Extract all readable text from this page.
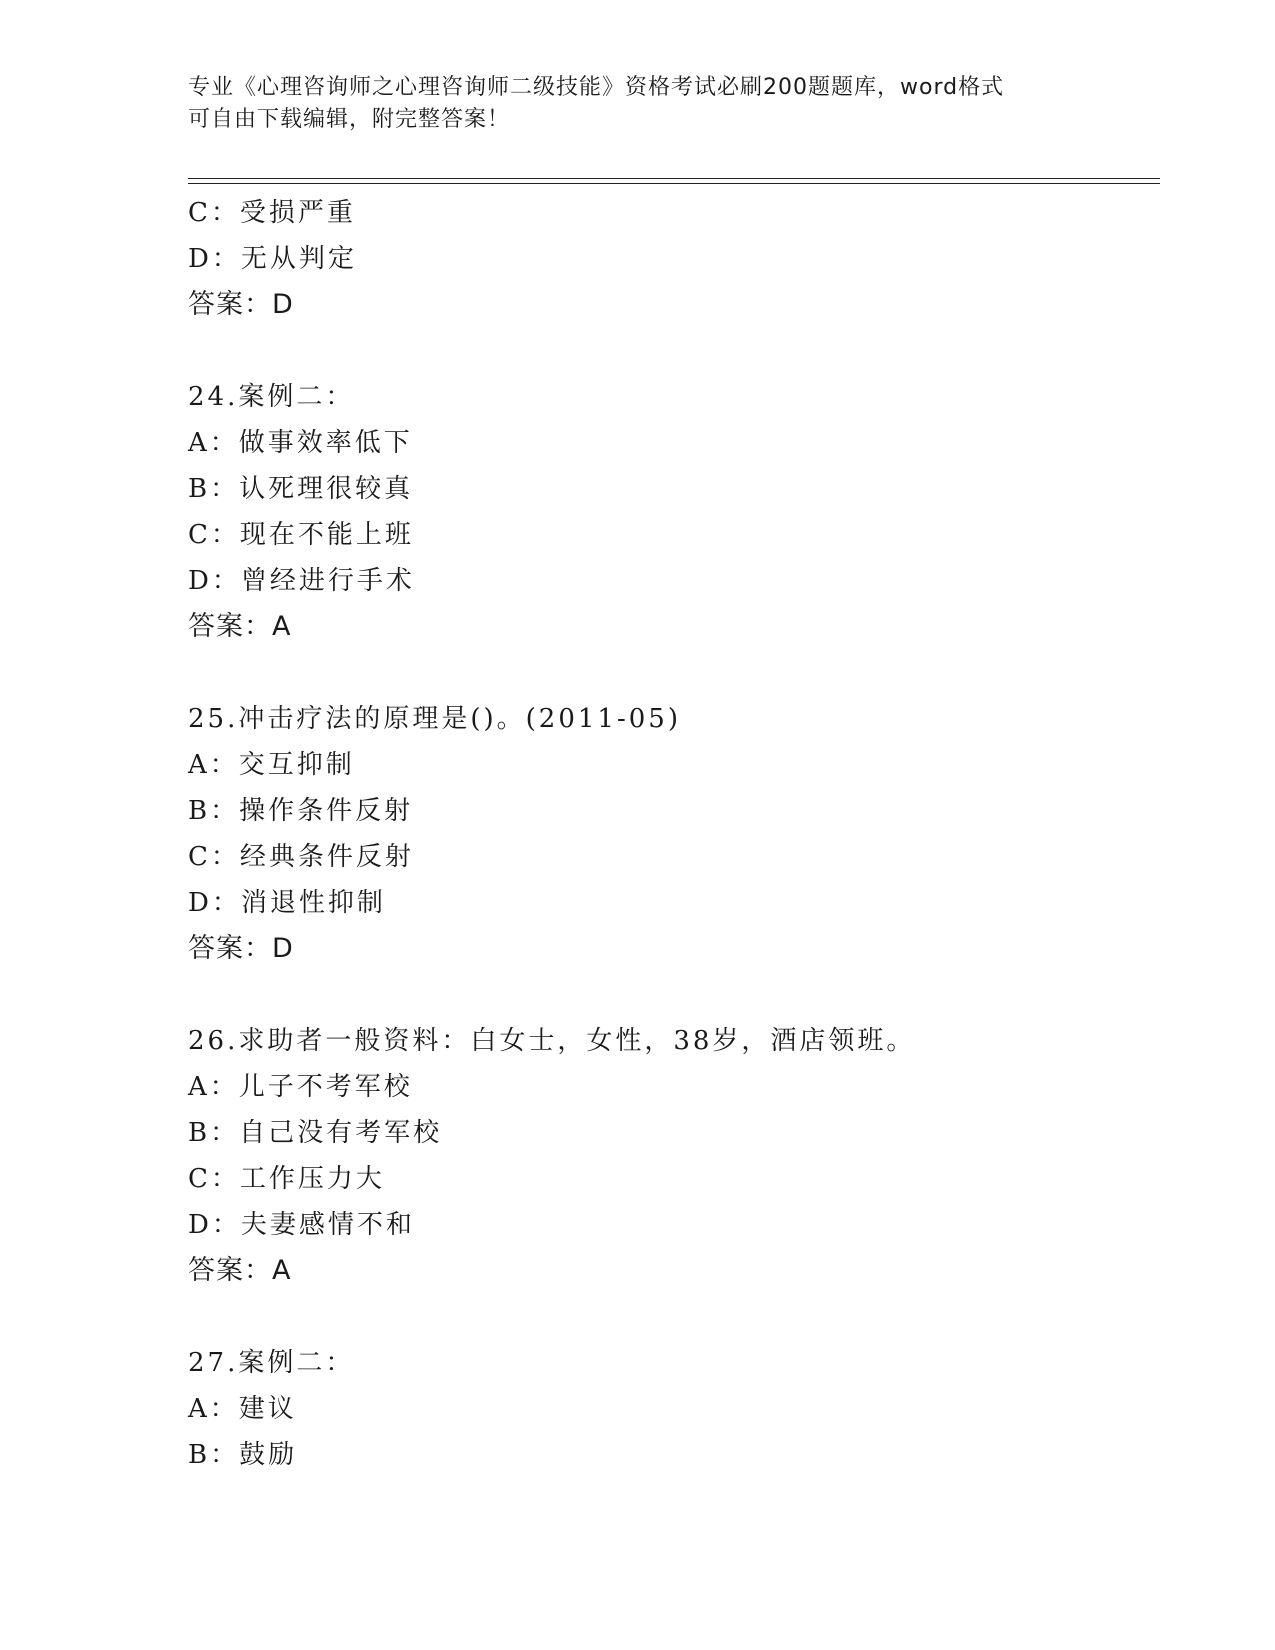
专业《心理咨询师之心理咨询师二级技能》资格考试必刷200题题库，word格式
可自由下载编辑，附完整答案！
C：受损严重
D：无从判定
答案：D
24.案例二：
A：做事效率低下
B：认死理很较真
C：现在不能上班
D：曾经进行手术
答案：A
25.冲击疗法的原理是()。(2011-05)
A：交互抑制
B：操作条件反射
C：经典条件反射
D：消退性抑制
答案：D
26.求助者一般资料：白女士，女性，38岁，酒店领班。
A：儿子不考军校
B：自己没有考军校
C：工作压力大
D：夫妻感情不和
答案：A
27.案例二：
A：建议
B：鼓励
